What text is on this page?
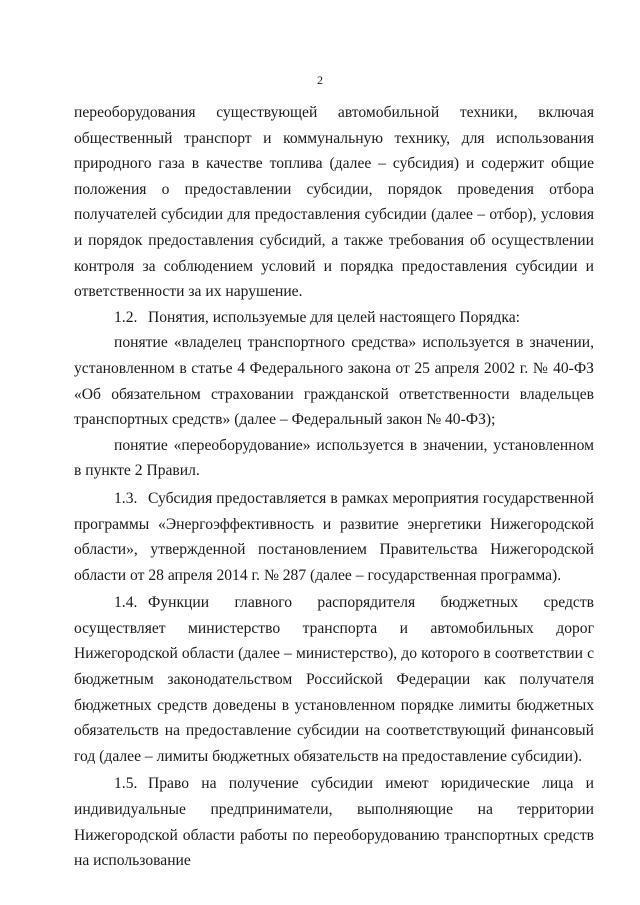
2

переоборудования существующей автомобильной техники, включая общественный транспорт и коммунальную технику, для использования природного газа в качестве топлива (далее – субсидия) и содержит общие положения о предоставлении субсидии, порядок проведения отбора получателей субсидии для предоставления субсидии (далее – отбор), условия и порядок предоставления субсидий, а также требования об осуществлении контроля за соблюдением условий и порядка предоставления субсидии и ответственности за их нарушение.

1.2. Понятия, используемые для целей настоящего Порядка:

понятие «владелец транспортного средства» используется в значении, установленном в статье 4 Федерального закона от 25 апреля 2002 г. № 40-ФЗ «Об обязательном страховании гражданской ответственности владельцев транспортных средств» (далее – Федеральный закон № 40-ФЗ);

понятие «переоборудование» используется в значении, установленном в пункте 2 Правил.

1.3. Субсидия предоставляется в рамках мероприятия государственной программы «Энергоэффективность и развитие энергетики Нижегородской области», утвержденной постановлением Правительства Нижегородской области от 28 апреля 2014 г. № 287 (далее – государственная программа).

1.4. Функции главного распорядителя бюджетных средств осуществляет министерство транспорта и автомобильных дорог Нижегородской области (далее – министерство), до которого в соответствии с бюджетным законодательством Российской Федерации как получателя бюджетных средств доведены в установленном порядке лимиты бюджетных обязательств на предоставление субсидии на соответствующий финансовый год (далее – лимиты бюджетных обязательств на предоставление субсидии).

1.5. Право на получение субсидии имеют юридические лица и индивидуальные предприниматели, выполняющие на территории Нижегородской области работы по переоборудованию транспортных средств на использование
